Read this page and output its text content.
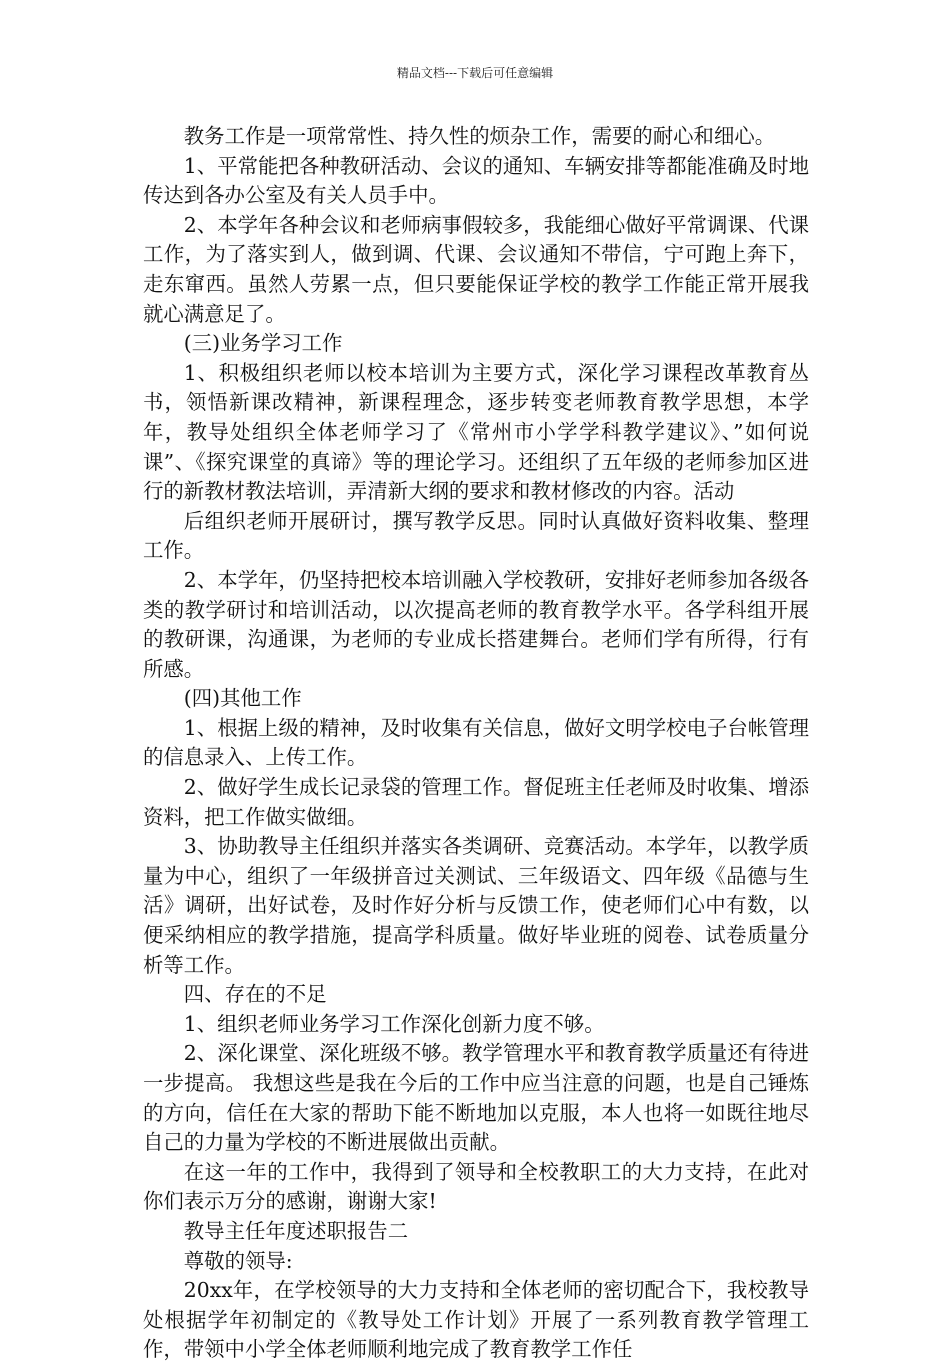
精品文档---下载后可任意编辑

教务工作是一项常常性、持久性的烦杂工作，需要的耐心和细心。

1、平常能把各种教研活动、会议的通知、车辆安排等都能准确及时地传达到各办公室及有关人员手中。

2、本学年各种会议和老师病事假较多，我能细心做好平常调课、代课工作，为了落实到人，做到调、代课、会议通知不带信，宁可跑上奔下，走东窜西。虽然人劳累一点，但只要能保证学校的教学工作能正常开展我就心满意足了。

(三)业务学习工作

1、积极组织老师以校本培训为主要方式，深化学习课程改革教育丛书，领悟新课改精神，新课程理念，逐步转变老师教育教学思想，本学年，教导处组织全体老师学习了《常州市小学学科教学建议》、”如何说课”、《探究课堂的真谛》等的理论学习。还组织了五年级的老师参加区进行的新教材教法培训，弄清新大纲的要求和教材修改的内容。活动

后组织老师开展研讨，撰写教学反思。同时认真做好资料收集、整理工作。

2、本学年，仍坚持把校本培训融入学校教研，安排好老师参加各级各类的教学研讨和培训活动，以次提高老师的教育教学水平。各学科组开展的教研课，沟通课，为老师的专业成长搭建舞台。老师们学有所得，行有所感。

(四)其他工作

1、根据上级的精神，及时收集有关信息，做好文明学校电子台帐管理的信息录入、上传工作。

2、做好学生成长记录袋的管理工作。督促班主任老师及时收集、增添资料，把工作做实做细。

3、协助教导主任组织并落实各类调研、竞赛活动。本学年，以教学质量为中心，组织了一年级拼音过关测试、三年级语文、四年级《品德与生活》调研，出好试卷，及时作好分析与反馈工作，使老师们心中有数，以便采纳相应的教学措施，提高学科质量。做好毕业班的阅卷、试卷质量分析等工作。

四、存在的不足

1、组织老师业务学习工作深化创新力度不够。

2、深化课堂、深化班级不够。教学管理水平和教育教学质量还有待进一步提高。 我想这些是我在今后的工作中应当注意的问题，也是自己锤炼的方向，信任在大家的帮助下能不断地加以克服，本人也将一如既往地尽自己的力量为学校的不断进展做出贡献。

在这一年的工作中，我得到了领导和全校教职工的大力支持，在此对你们表示万分的感谢，谢谢大家!

教导主任年度述职报告二

尊敬的领导:

20xx年，在学校领导的大力支持和全体老师的密切配合下，我校教导处根据学年初制定的《教导处工作计划》开展了一系列教育教学管理工作，带领中小学全体老师顺利地完成了教育教学工作任
